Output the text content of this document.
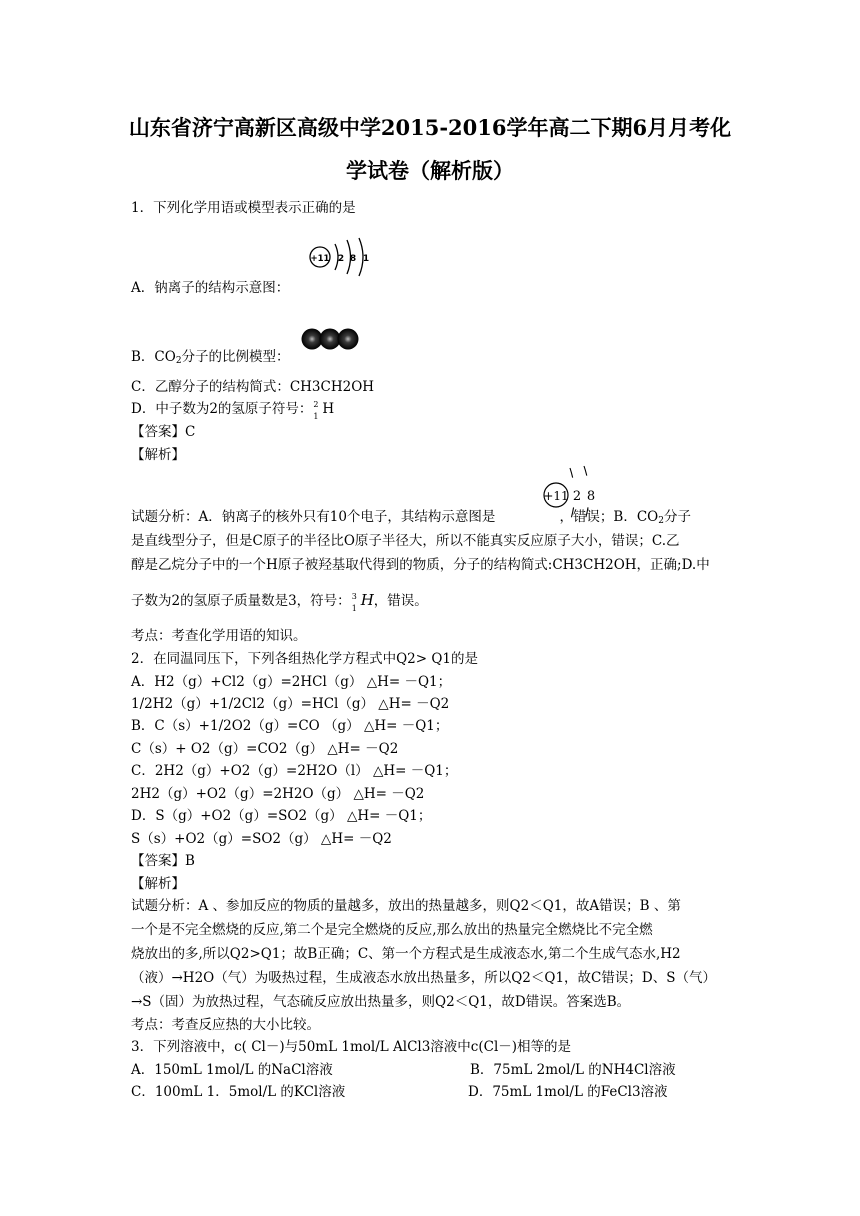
山东省济宁高新区高级中学2015-2016学年高二下期6月月考化
学试卷（解析版）
1．下列化学用语或模型表示正确的是
+11 2 8 1
A．钠离子的结构示意图：
B．$CO_2$分子的比例模型：
C．乙醇分子的结构简式：CH3CH2OH
D．中子数为2的氢原子符号： 2
1 H
【答案】C
【解析】
+11 2 8
试题分析：A．钠离子的核外只有10个电子，其结构示意图是	，错误；B．$CO_2$分子
是直线型分子，但是C原子的半径比O原子半径大，所以不能真实反应原子大小，错误；C.乙
醇是乙烷分子中的一个H原子被羟基取代得到的物质，分子的结构简式:CH3CH2OH，正确;D.中
子数为2的氢原子质量数是3，符号： 3
1 H，错误。
考点：考查化学用语的知识。
2．在同温同压下，下列各组热化学方程式中Q2> Q1的是
A．H2（g）+Cl2（g）=2HCl（g） △H= －Q1；
1/2H2（g）+1/2Cl2（g）=HCl（g） △H= －Q2
B．C（s）+1/2O2（g）=CO （g） △H= －Q1；
C（s）+ O2（g）=CO2（g） △H= －Q2
C．2H2（g）+O2（g）=2H2O（l） △H= －Q1；
2H2（g）+O2（g）=2H2O（g） △H= －Q2
D．S（g）+O2（g）=SO2（g） △H= －Q1；
S（s）+O2（g）=SO2（g） △H= －Q2
【答案】B
【解析】
试题分析：A 、参加反应的物质的量越多，放出的热量越多，则Q2＜Q1，故A错误；B 、第
一个是不完全燃烧的反应,第二个是完全燃烧的反应,那么放出的热量完全燃烧比不完全燃
烧放出的多,所以Q2>Q1；故B正确；C、第一个方程式是生成液态水,第二个生成气态水,H2
（液）→H2O（气）为吸热过程，生成液态水放出热量多，所以Q2＜Q1，故C错误；D、S（气）
→S（固）为放热过程，气态硫反应放出热量多，则Q2＜Q1，故D错误。答案选B。
考点：考查反应热的大小比较。
3．下列溶液中，c( Cl－)与50mL 1mol/L AlCl3溶液中c(Cl－)相等的是
A．150mL 1mol/L 的NaCl溶液	B．75mL 2mol/L 的NH4Cl溶液
C．100mL 1．5mol/L 的KCl溶液	D．75mL 1mol/L 的FeCl3溶液
